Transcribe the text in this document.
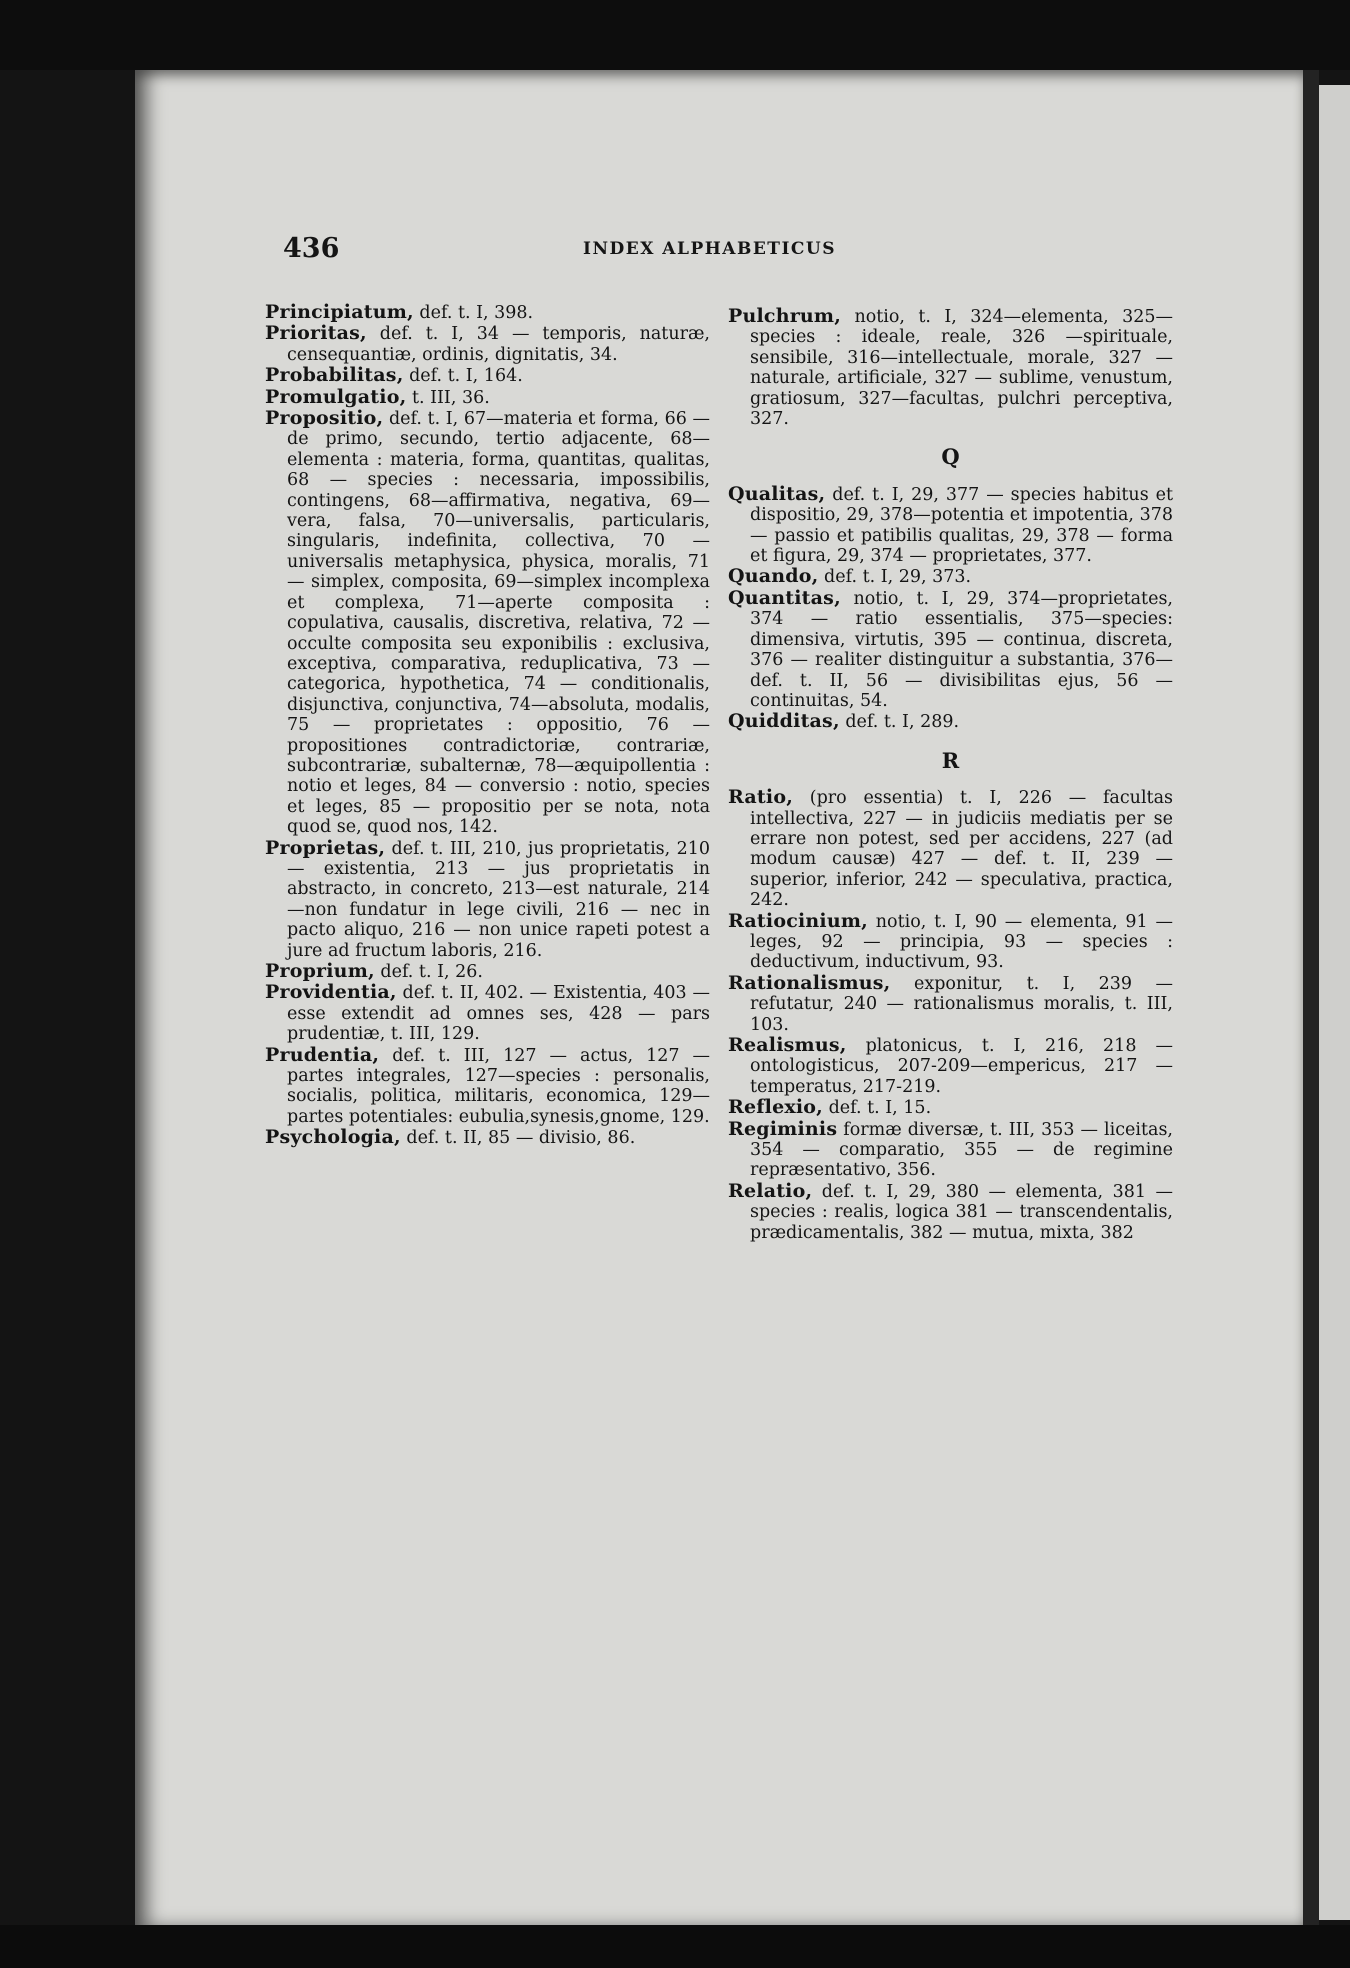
436	INDEX ALPHABETICUS

Principiatum, def. t. I, 398.

Prioritas, def. t. I, 34 — temporis, naturæ, censequantiæ, ordinis, dignitatis, 34.

Probabilitas, def. t. I, 164.

Promulgatio, t. III, 36.

Propositio, def. t. I, 67—materia et forma, 66 — de primo, secundo, tertio adjacente, 68— elementa : materia, forma, quantitas, qualitas, 68 — species : necessaria, impossibilis, contingens, 68—affirmativa, negativa, 69—vera, falsa, 70—universalis, particularis, singularis, indefinita, collectiva, 70 — universalis metaphysica, physica, moralis, 71 — simplex, composita, 69—simplex incomplexa et complexa, 71—aperte composita : copulativa, causalis, discretiva, relativa, 72 — occulte composita seu exponibilis : exclusiva, exceptiva, comparativa, reduplicativa, 73 — categorica, hypothetica, 74 — conditionalis, disjunctiva, conjunctiva, 74—absoluta, modalis, 75 — proprietates : oppositio, 76 — propositiones contradictoriæ, contrariæ, subcontrariæ, subalternæ, 78—æquipollentia : notio et leges, 84 — conversio : notio, species et leges, 85 — propositio per se nota, nota quod se, quod nos, 142.

Proprietas, def. t. III, 210, jus proprietatis, 210 — existentia, 213 — jus proprietatis in abstracto, in concreto, 213—est naturale, 214—non fundatur in lege civili, 216 — nec in pacto aliquo, 216 — non unice rapeti potest a jure ad fructum laboris, 216.

Proprium, def. t. I, 26.

Providentia, def. t. II, 402. — Existentia, 403 — esse extendit ad omnes ses, 428 — pars prudentiæ, t. III, 129.

Prudentia, def. t. III, 127 — actus, 127 — partes integrales, 127—species : personalis, socialis, politica, militaris, economica, 129—partes potentiales: eubulia,synesis,gnome, 129.

Psychologia, def. t. II, 85 — divisio, 86.

Pulchrum, notio, t. I, 324—elementa, 325—species : ideale, reale, 326 —spirituale, sensibile, 316—intellectuale, morale, 327 — naturale, artificiale, 327 — sublime, venustum, gratiosum, 327—facultas, pulchri perceptiva, 327.

Q

Qualitas, def. t. I, 29, 377 — species habitus et dispositio, 29, 378—potentia et impotentia, 378 — passio et patibilis qualitas, 29, 378 — forma et figura, 29, 374 — proprietates, 377.

Quando, def. t. I, 29, 373.

Quantitas, notio, t. I, 29, 374—proprietates, 374 — ratio essentialis, 375—species: dimensiva, virtutis, 395 — continua, discreta, 376 — realiter distinguitur a substantia, 376—def. t. II, 56 — divisibilitas ejus, 56 — continuitas, 54.

Quidditas, def. t. I, 289.

R

Ratio, (pro essentia) t. I, 226 — facultas intellectiva, 227 — in judiciis mediatis per se errare non potest, sed per accidens, 227 (ad modum causæ) 427 — def. t. II, 239 — superior, inferior, 242 — speculativa, practica, 242.

Ratiocinium, notio, t. I, 90 — elementa, 91 — leges, 92 — principia, 93 — species : deductivum, inductivum, 93.

Rationalismus, exponitur, t. I, 239 — refutatur, 240 — rationalismus moralis, t. III, 103.

Realismus, platonicus, t. I, 216, 218 — ontologisticus, 207-209—empericus, 217 — temperatus, 217-219.

Reflexio, def. t. I, 15.

Regiminis formæ diversæ, t. III, 353 — liceitas, 354 — comparatio, 355 — de regimine repræsentativo, 356.

Relatio, def. t. I, 29, 380 — elementa, 381 — species : realis, logica 381 — transcendentalis, prædicamentalis, 382 — mutua, mixta, 382
